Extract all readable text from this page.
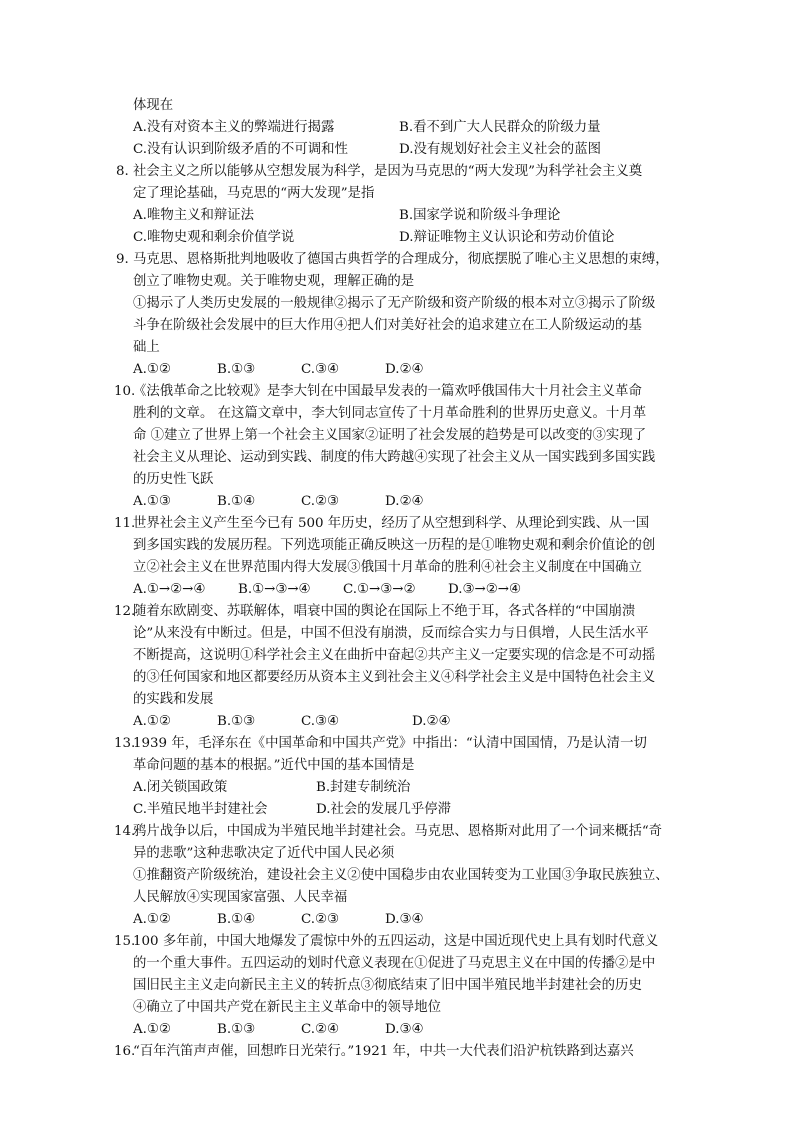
体现在
A.没有对资本主义的弊端进行揭露	B.看不到广大人民群众的阶级力量
C.没有认识到阶级矛盾的不可调和性	D.没有规划好社会主义社会的蓝图
8. 社会主义之所以能够从空想发展为科学，是因为马克思的“两大发现”为科学社会主义奠
定了理论基础，马克思的“两大发现”是指
A.唯物主义和辩证法	B.国家学说和阶级斗争理论
C.唯物史观和剩余价值学说	D.辩证唯物主义认识论和劳动价值论
9. 马克思、恩格斯批判地吸收了德国古典哲学的合理成分，彻底摆脱了唯心主义思想的束缚，
创立了唯物史观。关于唯物史观，理解正确的是
①揭示了人类历史发展的一般规律②揭示了无产阶级和资产阶级的根本对立③揭示了阶级
斗争在阶级社会发展中的巨大作用④把人们对美好社会的追求建立在工人阶级运动的基
础上
A.①②	B.①③	C.③④	D.②④
10.
《法俄革命之比较观》是李大钊在中国最早发表的一篇欢呼俄国伟大十月社会主义革命
胜利的文章。 在这篇文章中，李大钊同志宣传了十月革命胜利的世界历史意义。十月革
命 ①建立了世界上第一个社会主义国家②证明了社会发展的趋势是可以改变的③实现了
社会主义从理论、运动到实践、制度的伟大跨越④实现了社会主义从一国实践到多国实践
的历史性飞跃
A.①③	B.①④	C.②③	D.②④
11.
世界社会主义产生至今已有 500 年历史，经历了从空想到科学、从理论到实践、从一国
到多国实践的发展历程。下列选项能正确反映这一历程的是①唯物史观和剩余价值论的创
立②社会主义在世界范围内得大发展③俄国十月革命的胜利④社会主义制度在中国确立
A.①→②→④	B.①→③→④	C.①→③→②	D.③→②→④
12.
随着东欧剧变、苏联解体，唱衰中国的舆论在国际上不绝于耳，各式各样的“中国崩溃
论”从来没有中断过。但是，中国不但没有崩溃，反而综合实力与日俱增，人民生活水平
不断提高，这说明①科学社会主义在曲折中奋起②共产主义一定要实现的信念是不可动摇
的③任何国家和地区都要经历从资本主义到社会主义④科学社会主义是中国特色社会主义
的实践和发展
A.①②	B.①③	C.③④	D.②④
13.
1939 年，毛泽东在《中国革命和中国共产党》中指出：“认清中国国情，乃是认清一切
革命问题的基本的根据。”近代中国的基本国情是
A.闭关锁国政策	B.封建专制统治
C.半殖民地半封建社会	D.社会的发展几乎停滞
14.
鸦片战争以后，中国成为半殖民地半封建社会。马克思、恩格斯对此用了一个词来概括“奇
异的悲歌”这种悲歌决定了近代中国人民必须
①推翻资产阶级统治，建设社会主义②使中国稳步由农业国转变为工业国③争取民族独立、
人民解放④实现国家富强、人民幸福
A.①②	B.①④	C.②③	D.③④
15.
100 多年前，中国大地爆发了震惊中外的五四运动，这是中国近现代史上具有划时代意义
的一个重大事件。五四运动的划时代意义表现在①促进了马克思主义在中国的传播②是中
国旧民主主义走向新民主主义的转折点③彻底结束了旧中国半殖民地半封建社会的历史
④确立了中国共产党在新民主主义革命中的领导地位
A.①②	B.①③	C.②④	D.③④
16.
“百年汽笛声声催，回想昨日光荣行。”1921 年，中共一大代表们沿沪杭铁路到达嘉兴
